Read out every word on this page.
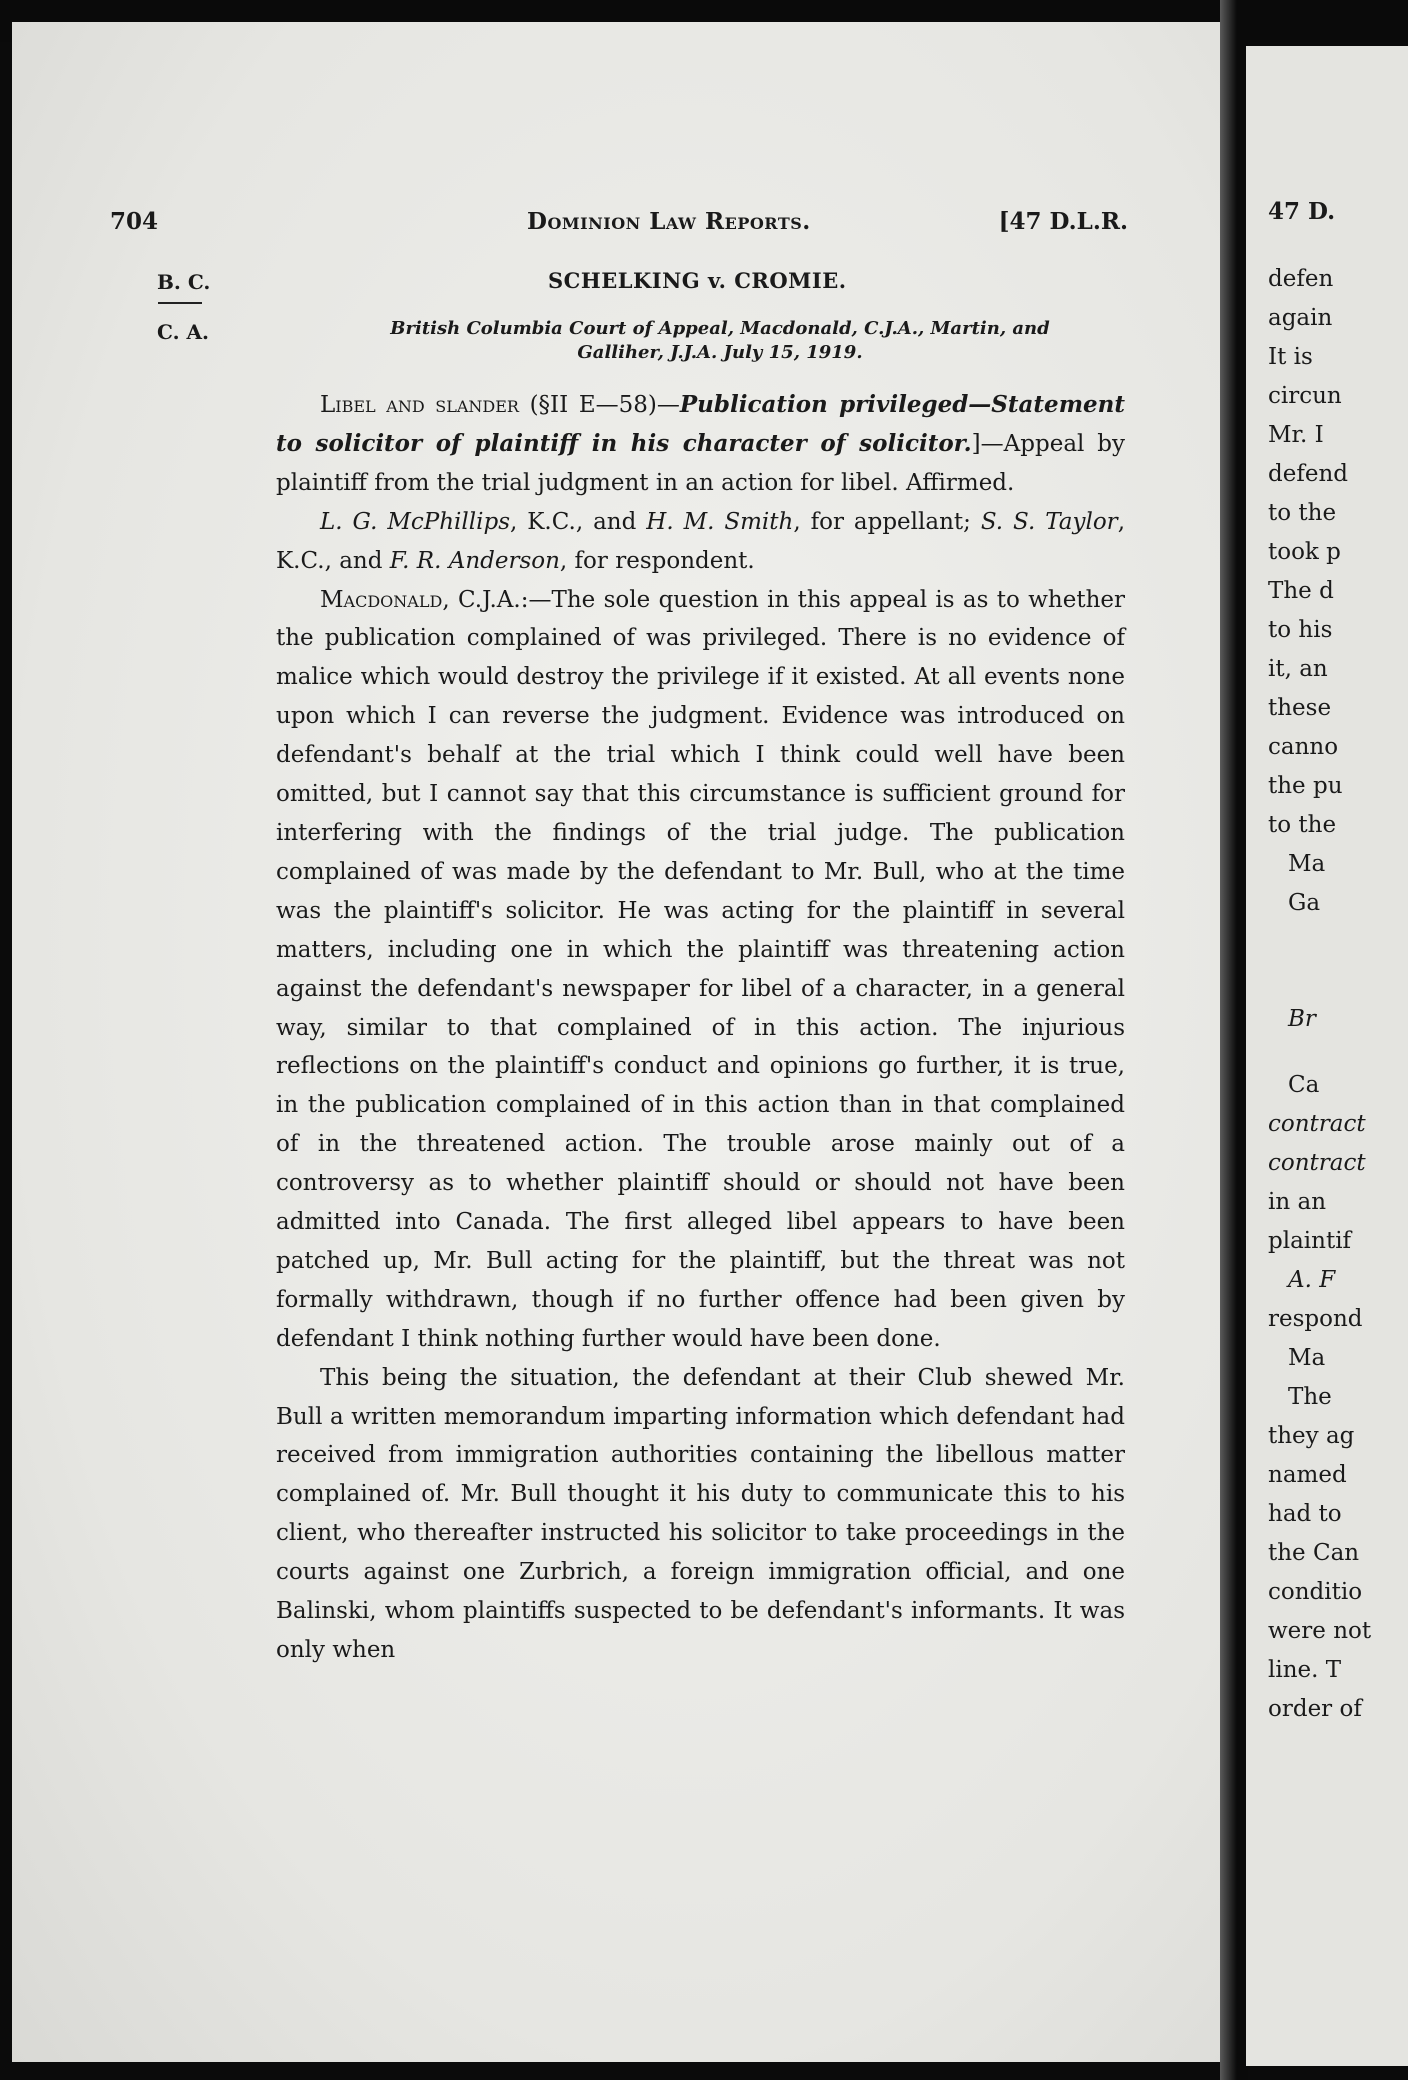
704	Dominion Law Reports.	[47 D.L.R.
B. C.
C. A.
SCHELKING v. CROMIE.
British Columbia Court of Appeal, Macdonald, C.J.A., Martin, and
Galliher, J.J.A. July 15, 1919.

Libel and slander (§II E—58)—Publication privileged—Statement to solicitor of plaintiff in his character of solicitor.]—Appeal by plaintiff from the trial judgment in an action for libel. Affirmed.

L. G. McPhillips, K.C., and H. M. Smith, for appellant; S. S. Taylor, K.C., and F. R. Anderson, for respondent.

Macdonald, C.J.A.:—The sole question in this appeal is as to whether the publication complained of was privileged. There is no evidence of malice which would destroy the privilege if it existed. At all events none upon which I can reverse the judgment. Evidence was introduced on defendant's behalf at the trial which I think could well have been omitted, but I cannot say that this circumstance is sufficient ground for interfering with the findings of the trial judge. The publication complained of was made by the defendant to Mr. Bull, who at the time was the plaintiff's solicitor. He was acting for the plaintiff in several matters, including one in which the plaintiff was threatening action against the defendant's newspaper for libel of a character, in a general way, similar to that complained of in this action. The injurious reflections on the plaintiff's conduct and opinions go further, it is true, in the publication complained of in this action than in that complained of in the threatened action. The trouble arose mainly out of a controversy as to whether plaintiff should or should not have been admitted into Canada. The first alleged libel appears to have been patched up, Mr. Bull acting for the plaintiff, but the threat was not formally withdrawn, though if no further offence had been given by defendant I think nothing further would have been done.

This being the situation, the defendant at their Club shewed Mr. Bull a written memorandum imparting information which defendant had received from immigration authorities containing the libellous matter complained of. Mr. Bull thought it his duty to communicate this to his client, who thereafter instructed his solicitor to take proceedings in the courts against one Zurbrich, a foreign immigration official, and one Balinski, whom plaintiffs suspected to be defendant's informants. It was only when

47 D.
defen
again
It is
circun
Mr. I
defend
to the
took p
The d
to his
it, an
these
canno
the pu
to the
Ma
Ga
Br
Ca
contract
contract
in an
plaintif
A. F
respond
Ma
The
they ag
named
had to
the Can
conditio
were not
line. T
order of
